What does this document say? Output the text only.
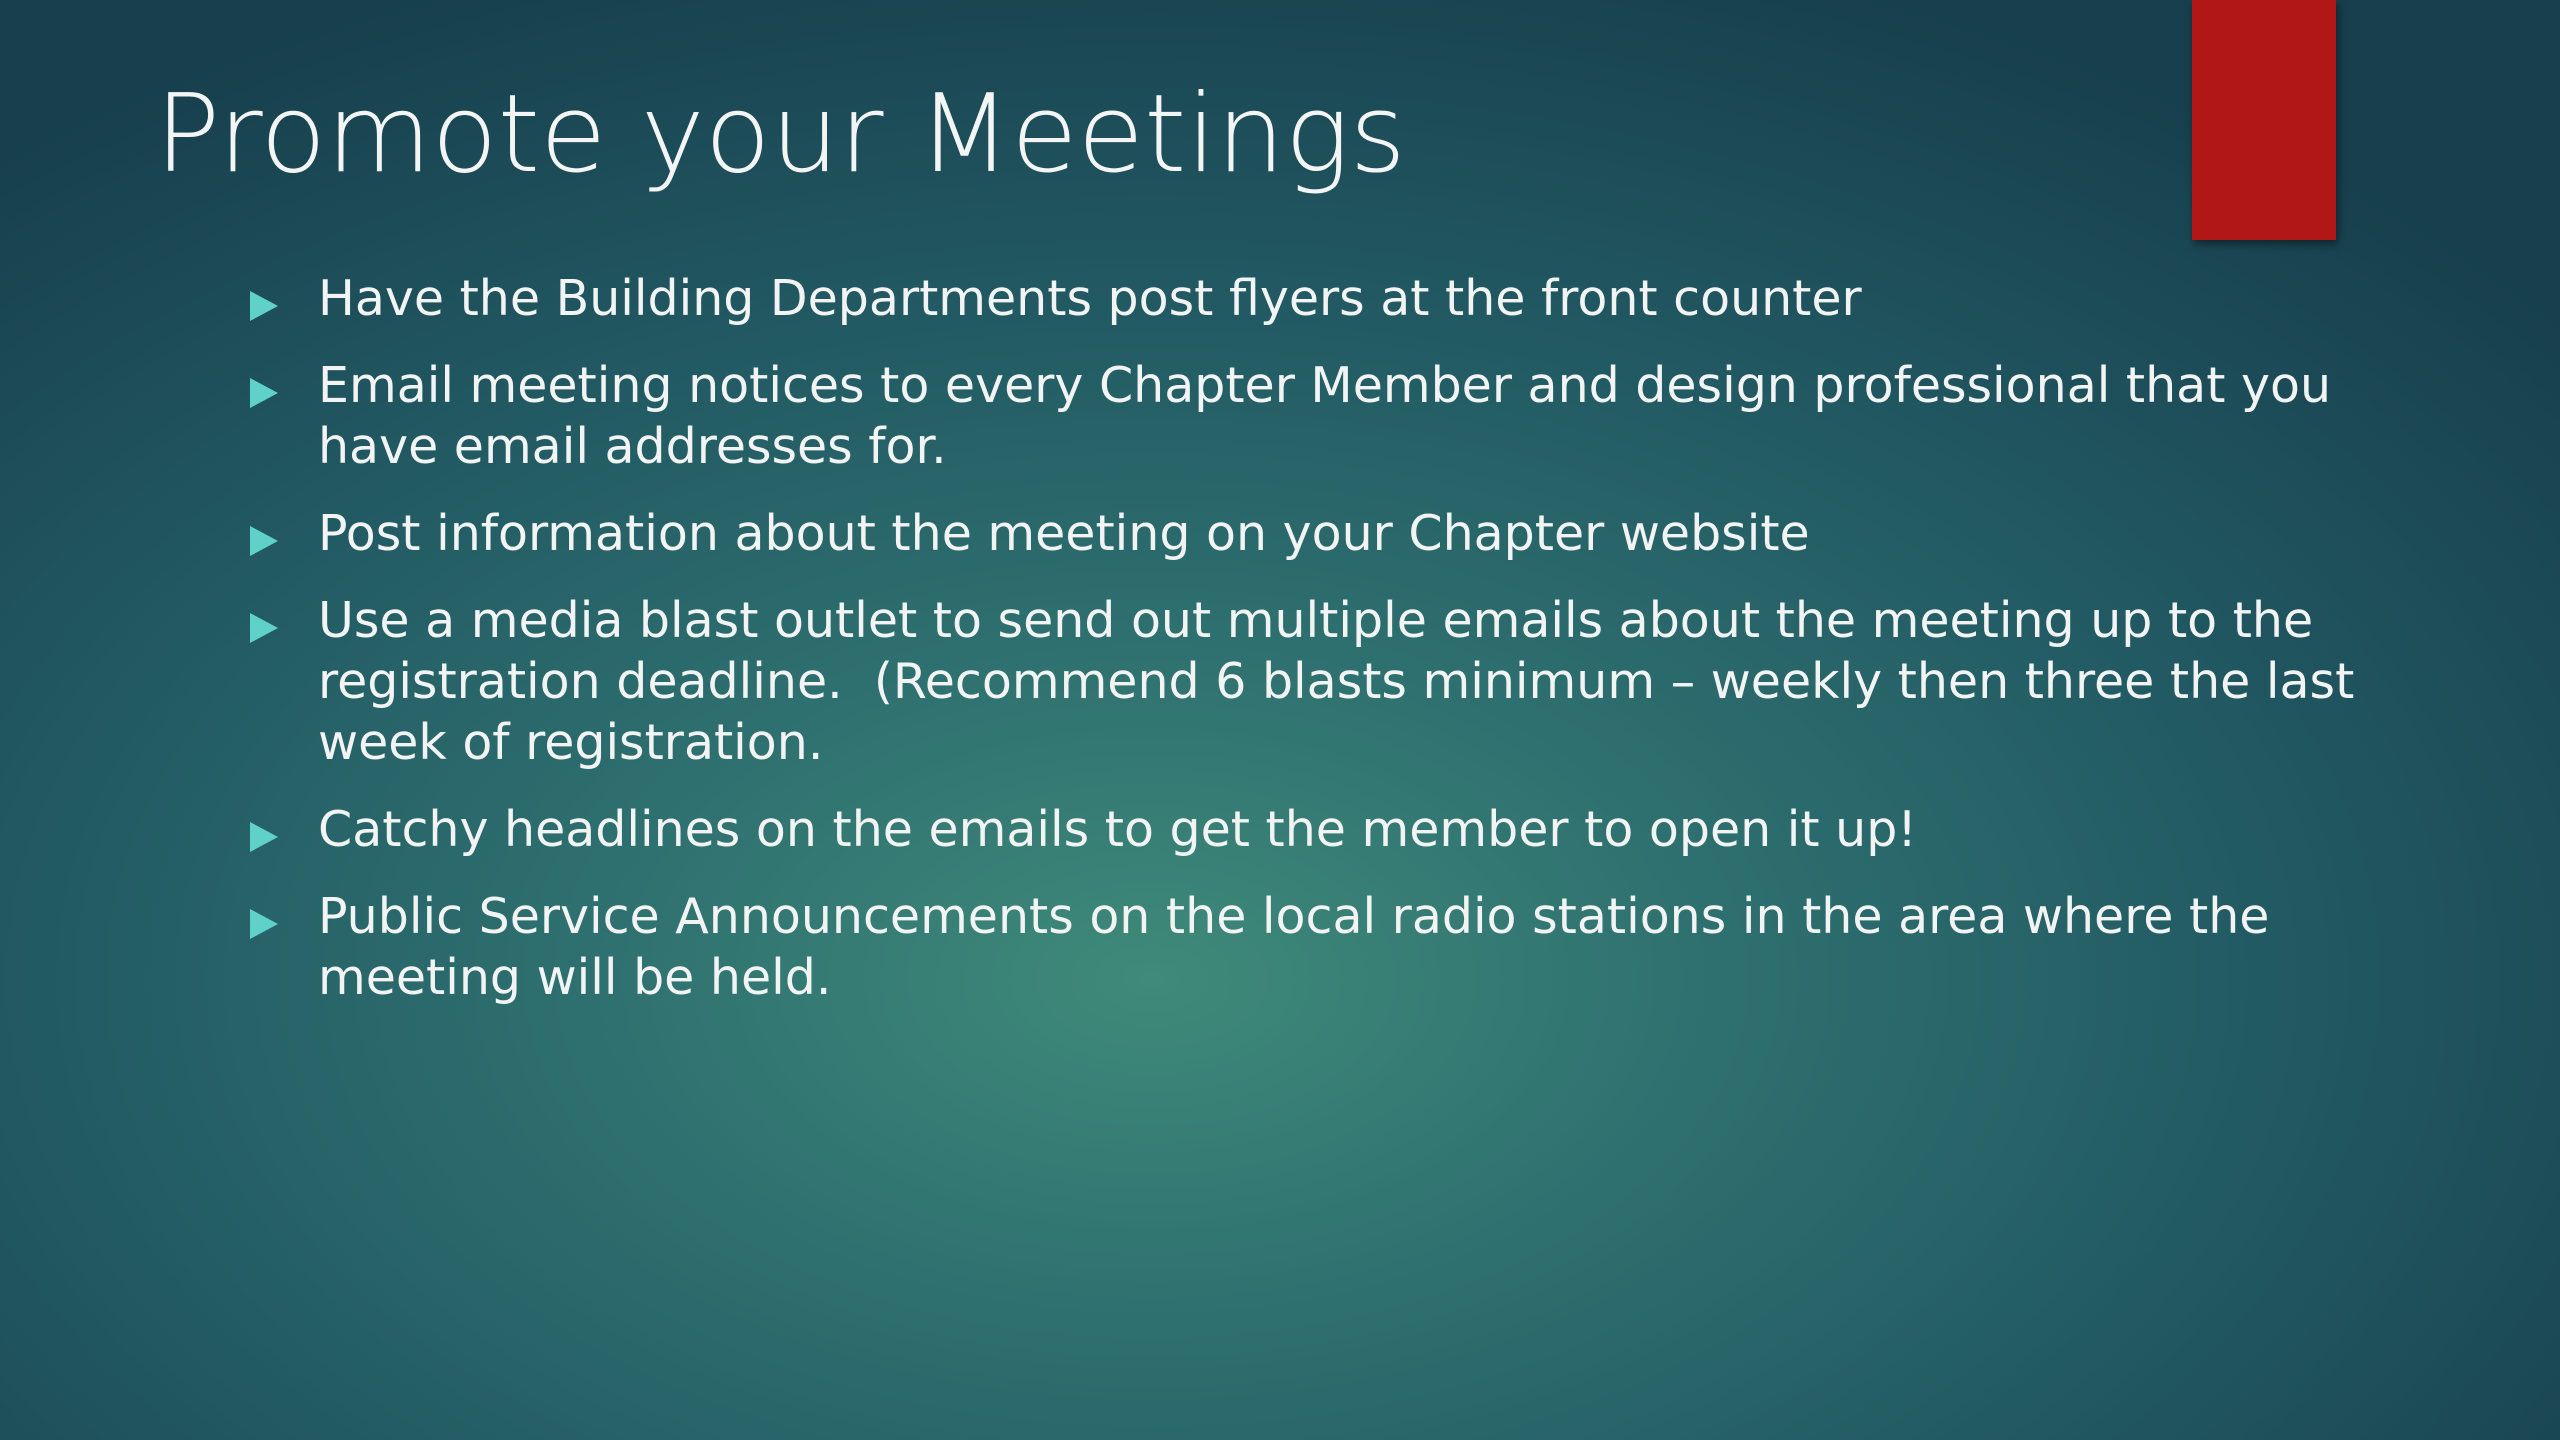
Promote your Meetings
Have the Building Departments post flyers at the front counter
Email meeting notices to every Chapter Member and design professional that you have email addresses for.
Post information about the meeting on your Chapter website
Use a media blast outlet to send out multiple emails about the meeting up to the registration deadline.  (Recommend 6 blasts minimum – weekly then three the last week of registration.
Catchy headlines on the emails to get the member to open it up!
Public Service Announcements on the local radio stations in the area where the meeting will be held.
